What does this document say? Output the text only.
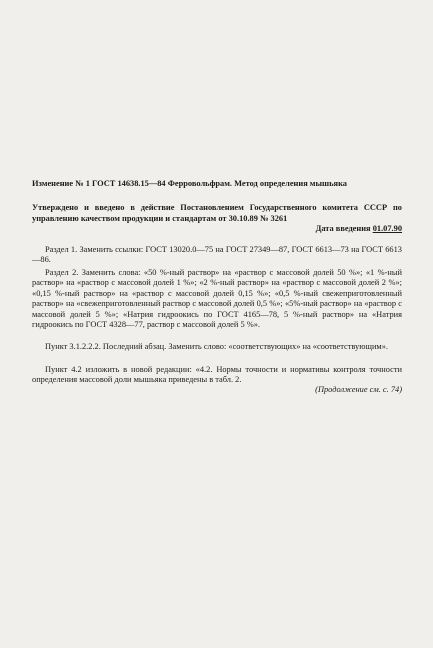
Изменение № 1 ГОСТ 14638.15—84 Ферровольфрам. Метод определения мышьяка

Утверждено и введено в действие Постановлением Государственного комитета СССР по управлению качеством продукции и стандартам от 30.10.89 № 3261

Дата введения 01.07.90

Раздел 1. Заменить ссылки: ГОСТ 13020.0—75 на ГОСТ 27349—87, ГОСТ 6613—73 на ГОСТ 6613—86.

Раздел 2. Заменить слова: «50 %-ный раствор» на «раствор с массовой долей 50 %»; «1 %-ный раствор» на «раствор с массовой долей 1 %»; «2 %-ный раствор» на «раствор с массовой долей 2 %»; «0,15 %-ный раствор» на «раствор с массовой долей 0,15 %»; «0,5 %-ный свежеприготовленный раствор» на «свежеприготовленный раствор с массовой долей 0,5 %»; «5%-ный раствор» на «раствор с массовой долей 5 %»; «Натрия гидроокись по ГОСТ 4165—78, 5 %-ный раствор» на «Натрия гидроокись по ГОСТ 4328—77, раствор с массовой долей 5 %».

Пункт 3.1.2.2.2. Последний абзац. Заменить слово: «соответствующих» на «соответствующим».

Пункт 4.2 изложить в новой редакции: «4.2. Нормы точности и нормативы контроля точности определения массовой доли мышьяка приведены в табл. 2.

(Продолжение см. с. 74)
